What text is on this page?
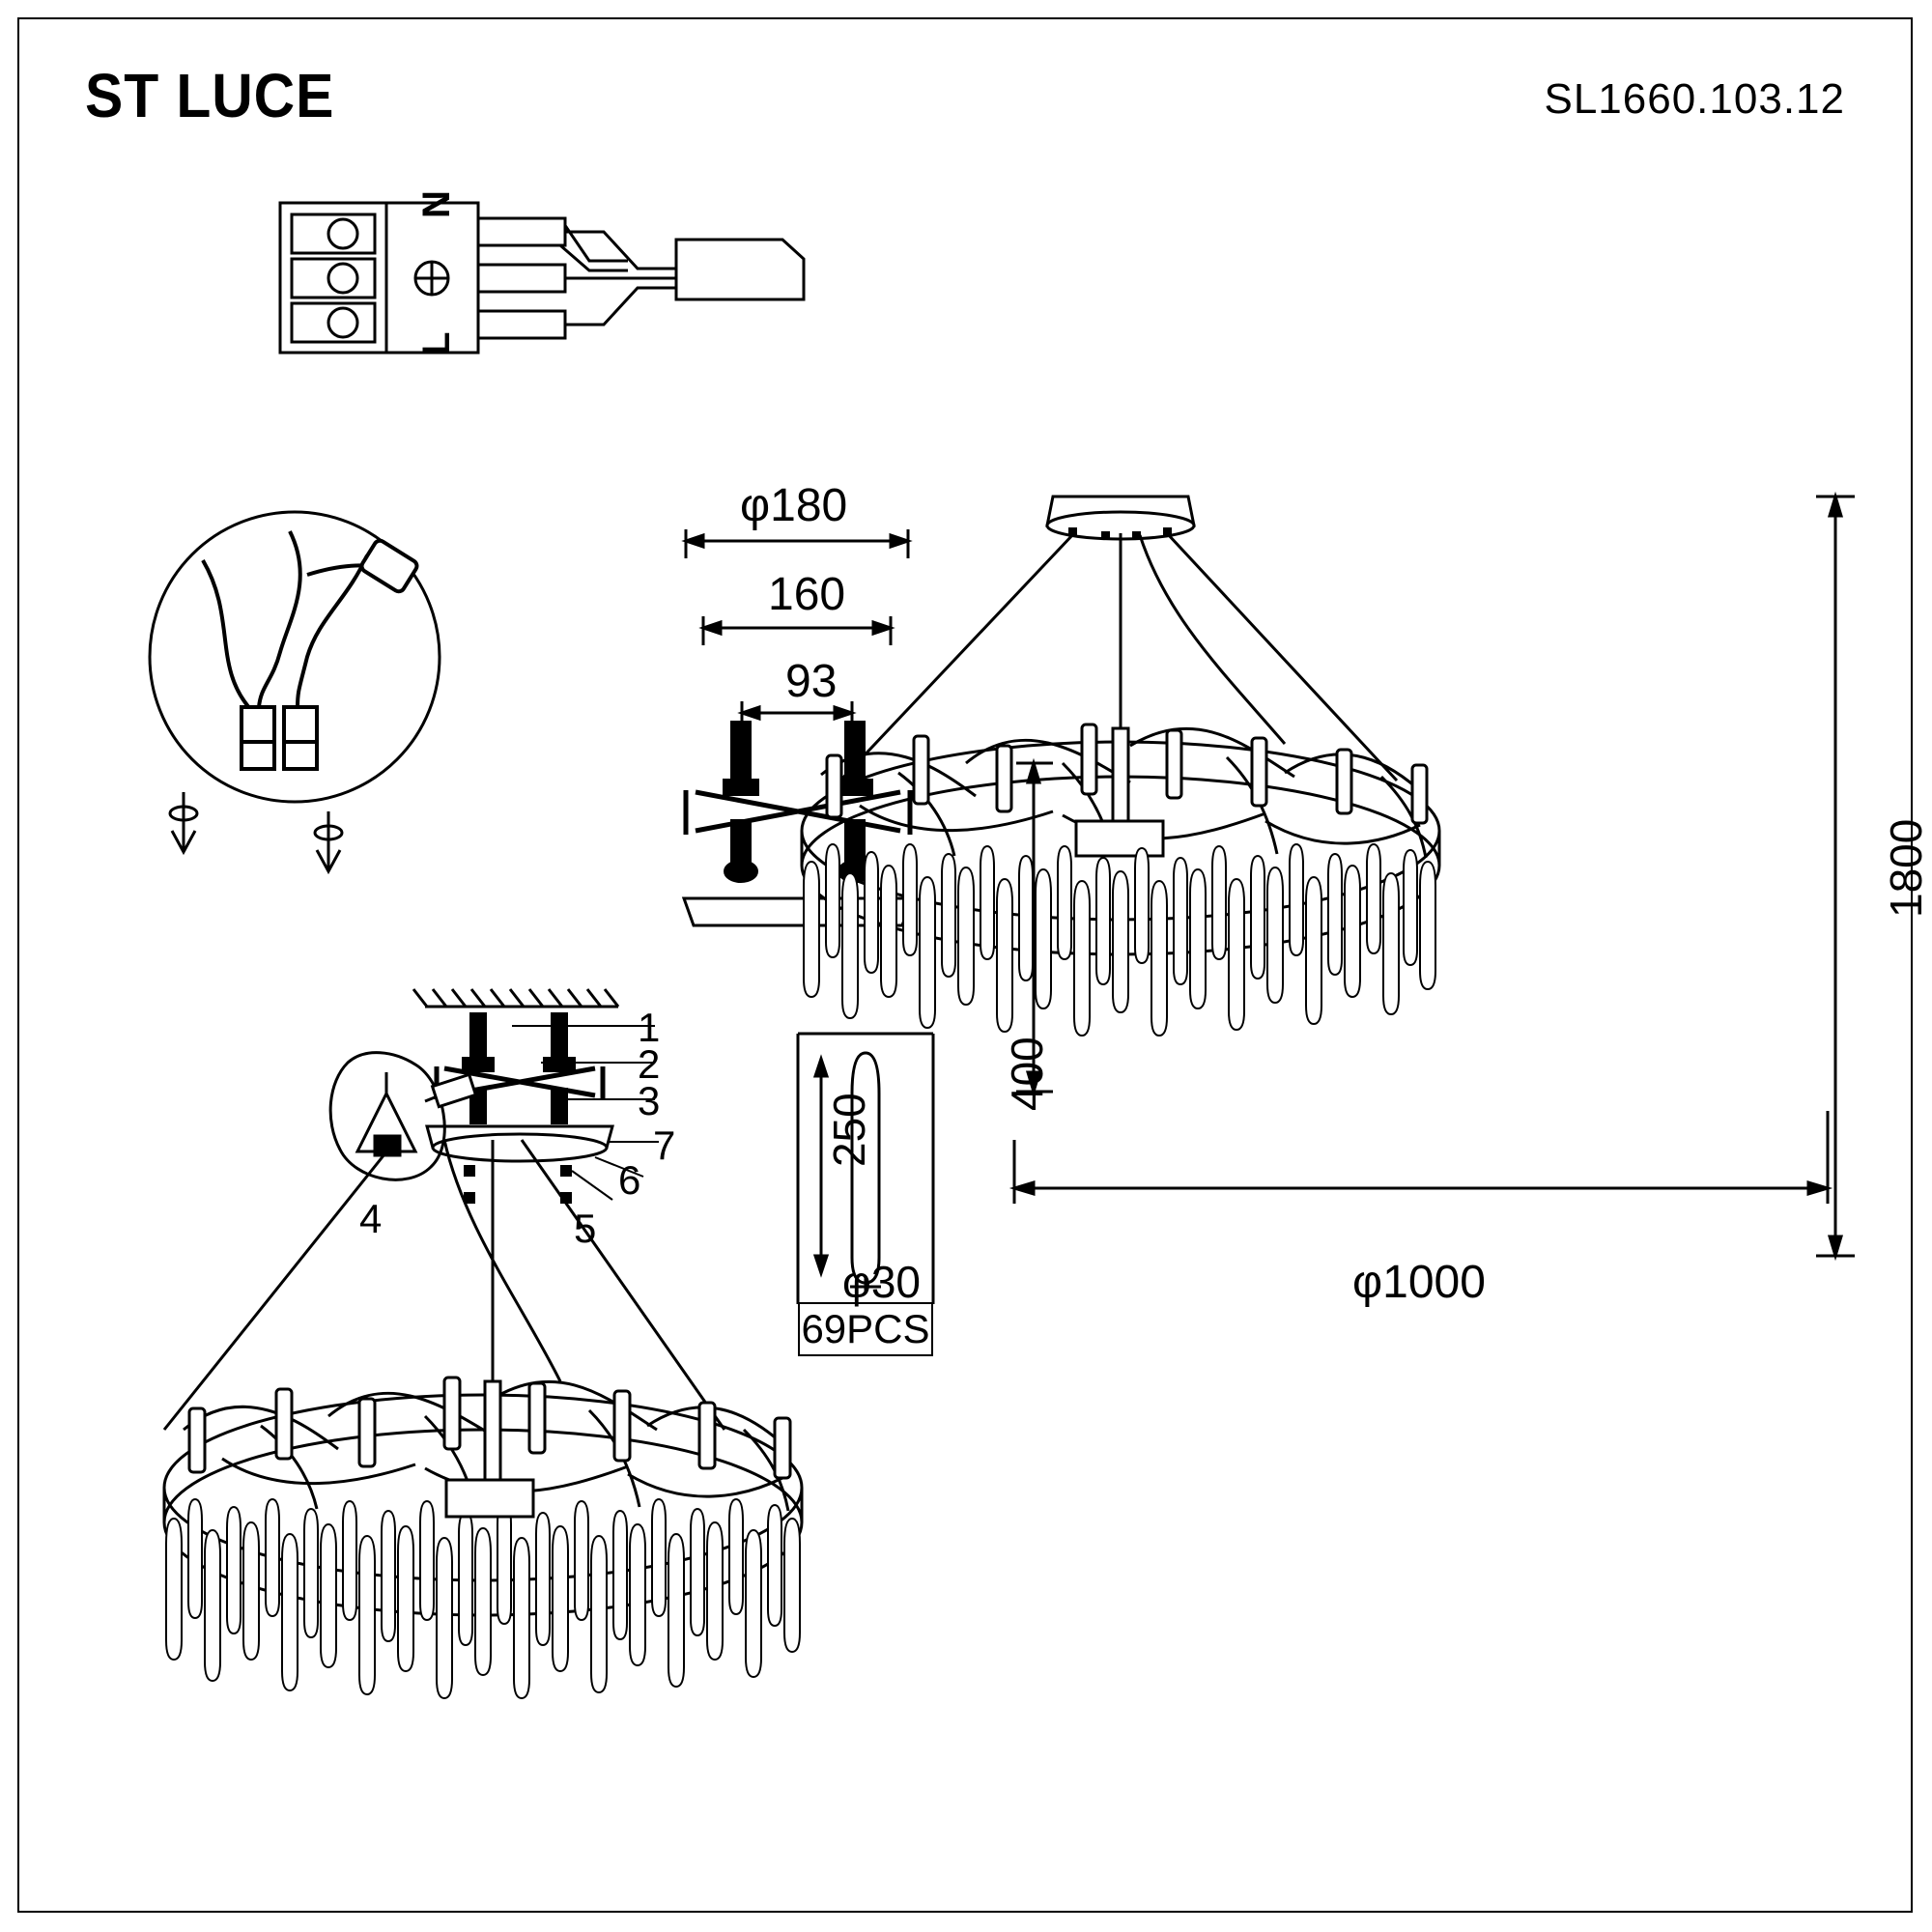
ST LUCE	SL1660.103.12
N
L
φ180
160
93
1
2
3
4	5
6
7	250
φ30
69PCS
1800
400
φ1000
